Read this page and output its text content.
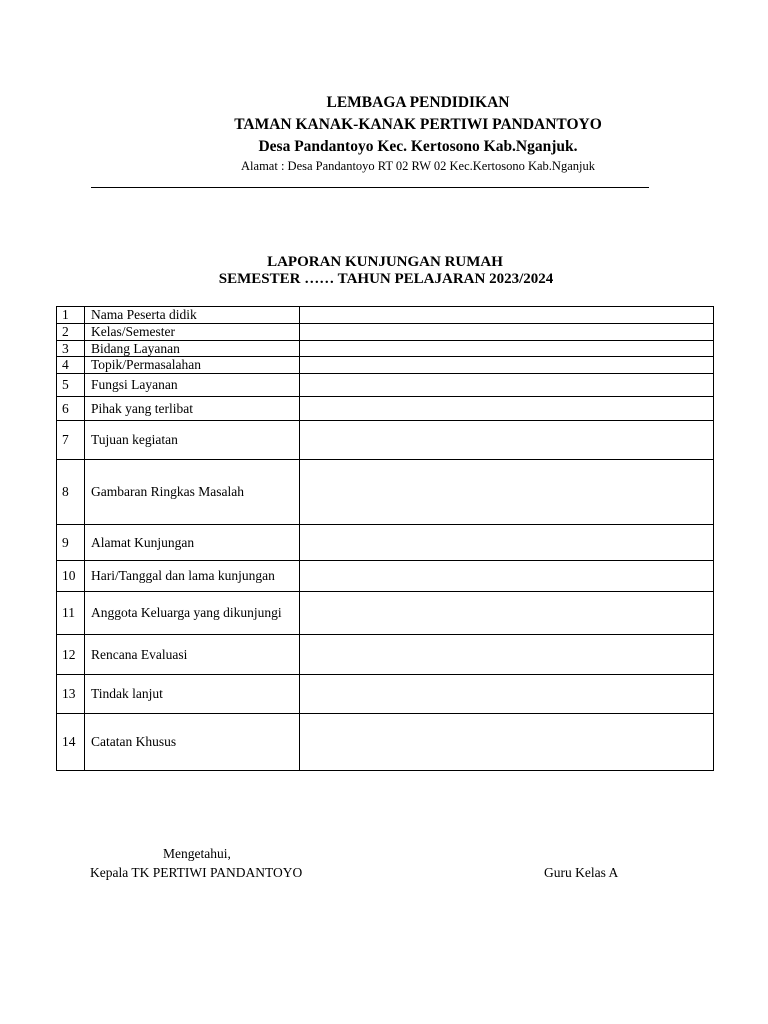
LEMBAGA PENDIDIKAN
TAMAN KANAK-KANAK PERTIWI PANDANTOYO
Desa Pandantoyo Kec. Kertosono Kab.Nganjuk.
Alamat : Desa Pandantoyo RT 02 RW 02 Kec.Kertosono Kab.Nganjuk
LAPORAN KUNJUNGAN RUMAH
SEMESTER …… TAHUN PELAJARAN 2023/2024
1	Nama Peserta didik	
2	Kelas/Semester	
3	Bidang Layanan	
4	Topik/Permasalahan	
5	Fungsi Layanan	
6	Pihak yang terlibat	
7	Tujuan kegiatan	
8	Gambaran Ringkas Masalah	
9	Alamat Kunjungan	
10	Hari/Tanggal dan lama kunjungan	
11	Anggota Keluarga yang dikunjungi	
12	Rencana Evaluasi	
13	Tindak lanjut	
14	Catatan Khusus	
Mengetahui,
Kepala TK PERTIWI PANDANTOYO	Guru Kelas A
